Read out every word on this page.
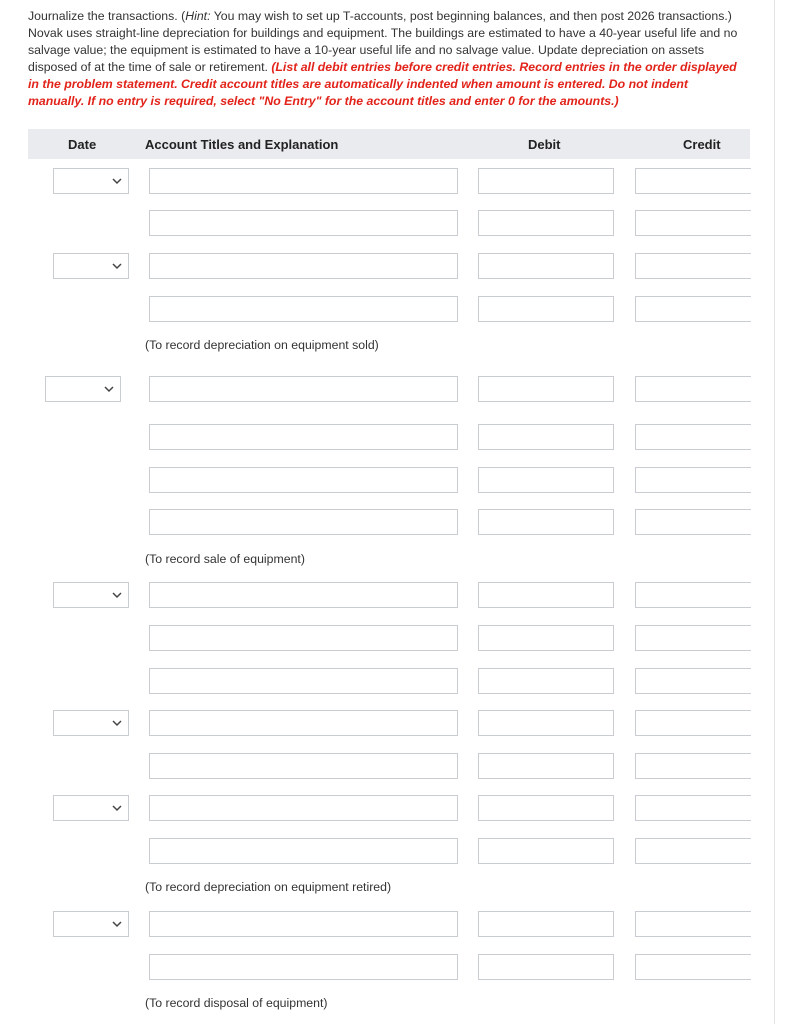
Journalize the transactions. (Hint: You may wish to set up T-accounts, post beginning balances, and then post 2026 transactions.) Novak uses straight-line depreciation for buildings and equipment. The buildings are estimated to have a 40-year useful life and no salvage value; the equipment is estimated to have a 10-year useful life and no salvage value. Update depreciation on assets disposed of at the time of sale or retirement. (List all debit entries before credit entries. Record entries in the order displayed in the problem statement. Credit account titles are automatically indented when amount is entered. Do not indent manually. If no entry is required, select "No Entry" for the account titles and enter 0 for the amounts.)
Date	Account Titles and Explanation	Debit	Credit
(To record depreciation on equipment sold)
(To record sale of equipment)
(To record depreciation on equipment retired)
(To record disposal of equipment)
